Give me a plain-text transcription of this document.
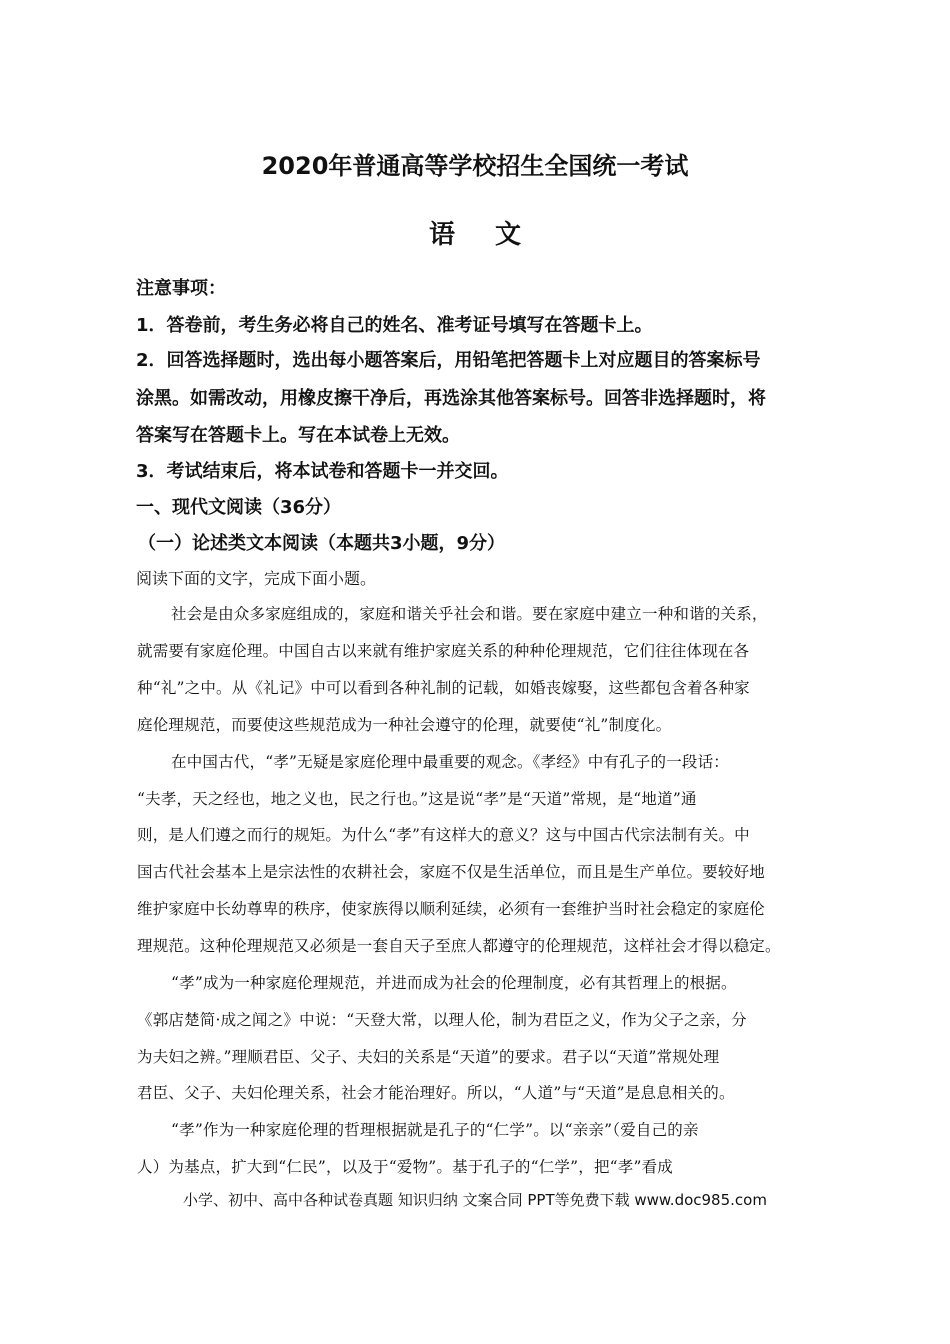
2020年普通高等学校招生全国统一考试
语 文
注意事项：
1．答卷前，考生务必将自己的姓名、准考证号填写在答题卡上。
2．回答选择题时，选出每小题答案后，用铅笔把答题卡上对应题目的答案标号
涂黑。如需改动，用橡皮擦干净后，再选涂其他答案标号。回答非选择题时，将
答案写在答题卡上。写在本试卷上无效。
3．考试结束后，将本试卷和答题卡一并交回。
一、现代文阅读（36分）
（一）论述类文本阅读（本题共3小题，9分）
阅读下面的文字，完成下面小题。
社会是由众多家庭组成的，家庭和谐关乎社会和谐。要在家庭中建立一种和谐的关系，
就需要有家庭伦理。中国自古以来就有维护家庭关系的种种伦理规范，它们往往体现在各
种“礼”之中。从《礼记》中可以看到各种礼制的记载，如婚丧嫁娶，这些都包含着各种家
庭伦理规范，而要使这些规范成为一种社会遵守的伦理，就要使“礼”制度化。
在中国古代，“孝”无疑是家庭伦理中最重要的观念。《孝经》中有孔子的一段话：
“夫孝，天之经也，地之义也，民之行也。”这是说“孝”是“天道”常规，是“地道”通
则，是人们遵之而行的规矩。为什么“孝”有这样大的意义？这与中国古代宗法制有关。中
国古代社会基本上是宗法性的农耕社会，家庭不仅是生活单位，而且是生产单位。要较好地
维护家庭中长幼尊卑的秩序，使家族得以顺利延续，必须有一套维护当时社会稳定的家庭伦
理规范。这种伦理规范又必须是一套自天子至庶人都遵守的伦理规范，这样社会才得以稳定。
“孝”成为一种家庭伦理规范，并进而成为社会的伦理制度，必有其哲理上的根据。
《郭店楚简·成之闻之》中说：“天登大常，以理人伦，制为君臣之义，作为父子之亲，分
为夫妇之辨。”理顺君臣、父子、夫妇的关系是“天道”的要求。君子以“天道”常规处理
君臣、父子、夫妇伦理关系，社会才能治理好。所以，“人道”与“天道”是息息相关的。
“孝”作为一种家庭伦理的哲理根据就是孔子的“仁学”。以“亲亲”（爱自己的亲
人）为基点，扩大到“仁民”，以及于“爱物”。基于孔子的“仁学”，把“孝”看成
小学、初中、高中各种试卷真题 知识归纳 文案合同 PPT等免费下载 www.doc985.com
